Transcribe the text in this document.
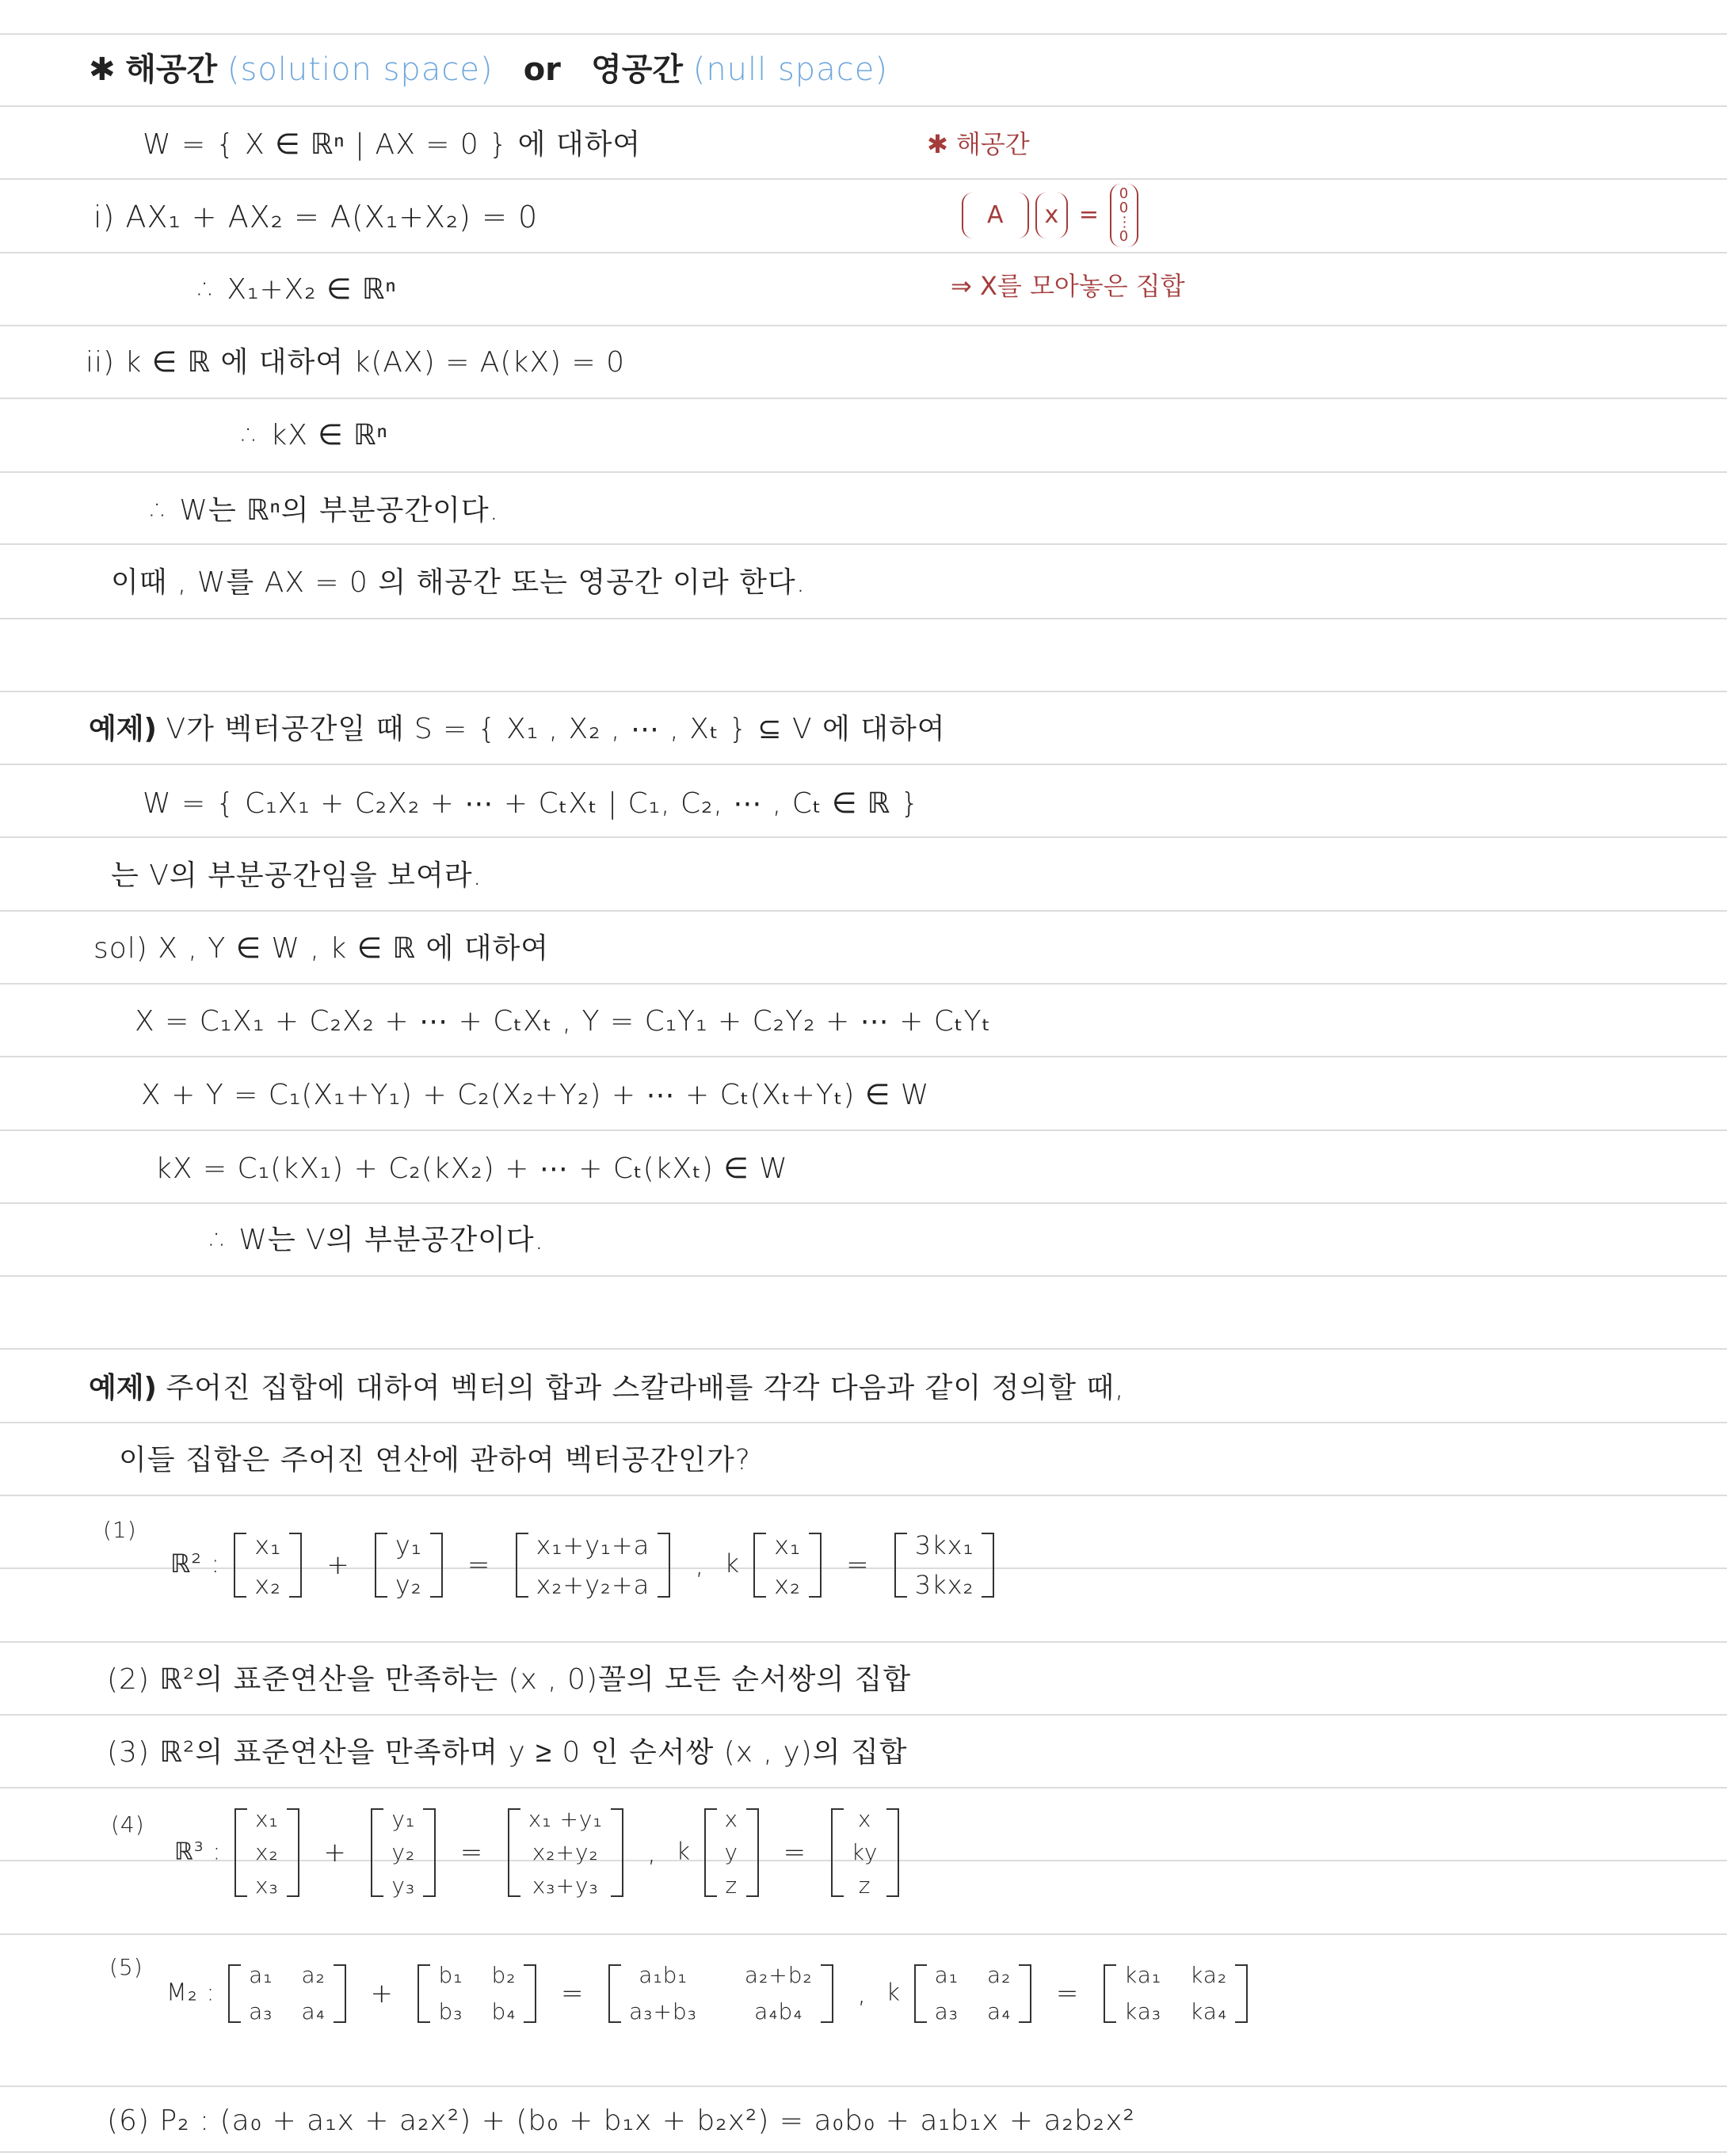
✱ 해공간 (solution space) or 영공간 (null space)
✱ 해공간
A x = 0 0 ⋮ 0
⇒ X를 모아놓은 집합
W = { X ∈ ℝⁿ | AX = 0 } 에 대하여
i) AX₁ + AX₂ = A(X₁+X₂) = 0
∴ X₁+X₂ ∈ ℝⁿ
ii) k ∈ ℝ 에 대하여 k(AX) = A(kX) = 0
∴ kX ∈ ℝⁿ
∴ W는 ℝⁿ의 부분공간이다.
이때 , W를 AX = 0 의 해공간 또는 영공간 이라 한다.
예제) V가 벡터공간일 때 S = { X₁ , X₂ , ⋯ , Xₜ } ⊆ V 에 대하여
W = { C₁X₁ + C₂X₂ + ⋯ + CₜXₜ | C₁, C₂, ⋯ , Cₜ ∈ ℝ }
는 V의 부분공간임을 보여라.
sol) X , Y ∈ W , k ∈ ℝ 에 대하여
X = C₁X₁ + C₂X₂ + ⋯ + CₜXₜ , Y = C₁Y₁ + C₂Y₂ + ⋯ + CₜYₜ
X + Y = C₁(X₁+Y₁) + C₂(X₂+Y₂) + ⋯ + Cₜ(Xₜ+Yₜ) ∈ W
kX = C₁(kX₁) + C₂(kX₂) + ⋯ + Cₜ(kXₜ) ∈ W
∴ W는 V의 부분공간이다.
예제) 주어진 집합에 대하여 벡터의 합과 스칼라배를 각각 다음과 같이 정의할 때,
이들 집합은 주어진 연산에 관하여 벡터공간인가?
(1)
ℝ² :
x₁
x₂
+
y₁
y₂
=
x₁+y₁+a
x₂+y₂+a
, k
x₁
x₂
=
3kx₁
3kx₂
(2) ℝ²의 표준연산을 만족하는 (x , 0)꼴의 모든 순서쌍의 집합
(3) ℝ²의 표준연산을 만족하며 y ≥ 0 인 순서쌍 (x , y)의 집합
(4)
ℝ³ :
x₁
x₂
x₃
+
y₁
y₂
y₃
=
x₁ +y₁
x₂+y₂
x₃+y₃
, k
x
y
z
=
x
ky
z
(5)
M₂ :
a₁ a₂
a₃ a₄
+
b₁ b₂
b₃ b₄
=
a₁b₁	a₂+b₂
a₃+b₃	a₄b₄
, k
a₁ a₂
a₃ a₄
=
ka₁ ka₂
ka₃ ka₄
(6) P₂ : (a₀ + a₁x + a₂x²) + (b₀ + b₁x + b₂x²) = a₀b₀ + a₁b₁x + a₂b₂x²
